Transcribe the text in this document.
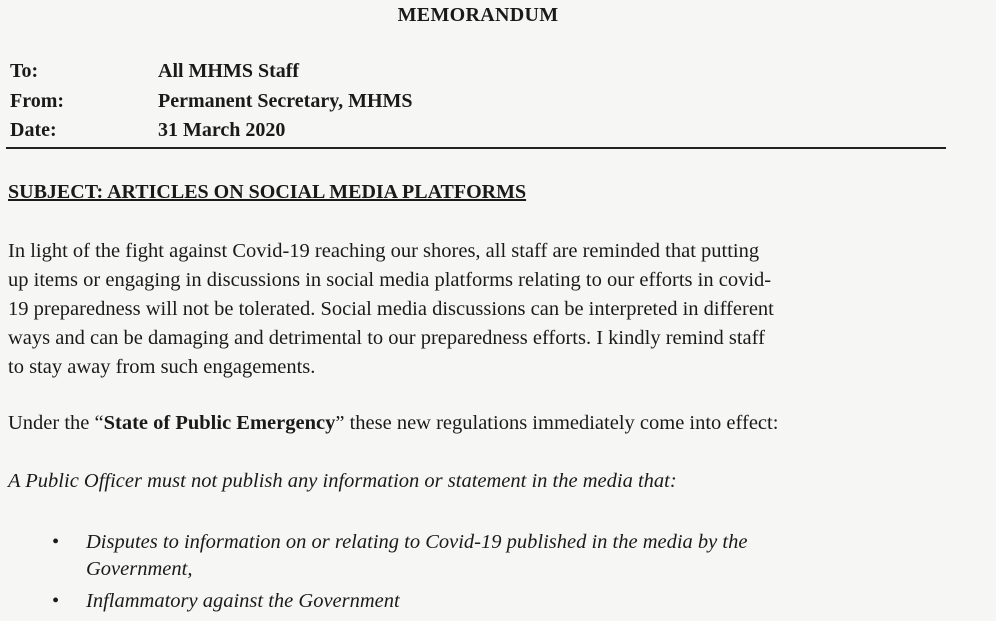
MEMORANDUM
To:	All MHMS Staff
From:	Permanent Secretary, MHMS
Date:	31 March 2020
SUBJECT: ARTICLES ON SOCIAL MEDIA PLATFORMS
In light of the fight against Covid-19 reaching our shores, all staff are reminded that putting
up items or engaging in discussions in social media platforms relating to our efforts in covid-
19 preparedness will not be tolerated. Social media discussions can be interpreted in different
ways and can be damaging and detrimental to our preparedness efforts. I kindly remind staff
to stay away from such engagements.
Under the “State of Public Emergency” these new regulations immediately come into effect:
A Public Officer must not publish any information or statement in the media that:
• Disputes to information on or relating to Covid-19 published in the media by the
Government,
• Inflammatory against the Government
